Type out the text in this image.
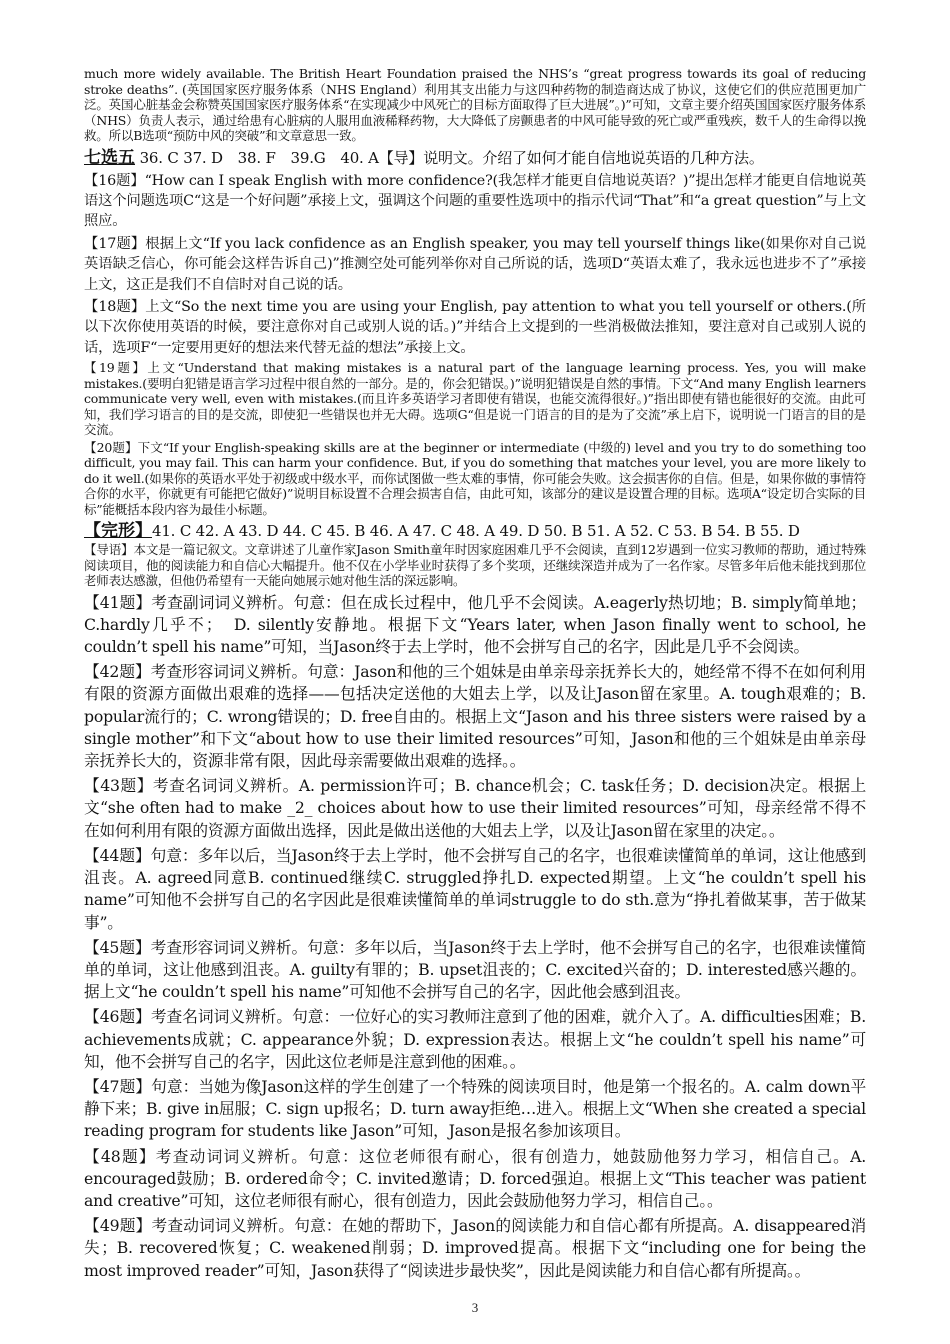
much more widely available. The British Heart Foundation praised the NHS’s “great progress towards its goal of reducing stroke deaths”. (英国国家医疗服务体系（NHS England）利用其支出能力与这四种药物的制造商达成了协议，这使它们的供应范围更加广泛。英国心脏基金会称赞英国国家医疗服务体系“在实现减少中风死亡的目标方面取得了巨大进展”。)”可知，文章主要介绍英国国家医疗服务体系（NHS）负责人表示，通过给患有心脏病的人服用血液稀释药物，大大降低了房颤患者的中风可能导致的死亡或严重残疾，数千人的生命得以挽救。所以B选项“预防中风的突破”和文章意思一致。

七选五 36. C 37. D　38. F　39.G　40. A【导】说明文。介绍了如何才能自信地说英语的几种方法。

【16题】“How can I speak English with more confidence?(我怎样才能更自信地说英语？)”提出怎样才能更自信地说英语这个问题选项C“这是一个好问题”承接上文，强调这个问题的重要性选项中的指示代词“That”和“a great question”与上文照应。

【17题】根据上文“If you lack confidence as an English speaker, you may tell yourself things like(如果你对自己说英语缺乏信心，你可能会这样告诉自己)”推测空处可能列举你对自己所说的话，选项D“英语太难了，我永远也进步不了”承接上文，这正是我们不自信时对自己说的话。

【18题】上文“So the next time you are using your English, pay attention to what you tell yourself or others.(所以下次你使用英语的时候，要注意你对自己或别人说的话。)”并结合上文提到的一些消极做法推知，要注意对自己或别人说的话，选项F“一定要用更好的想法来代替无益的想法”承接上文。

【19题】上文“Understand that making mistakes is a natural part of the language learning process. Yes, you will make mistakes.(要明白犯错是语言学习过程中很自然的一部分。是的，你会犯错误。)”说明犯错误是自然的事情。下文“And many English learners communicate very well, even with mistakes.(而且许多英语学习者即使有错误，也能交流得很好。)”指出即使有错也能很好的交流。由此可知，我们学习语言的目的是交流，即使犯一些错误也并无大碍。选项G“但是说一门语言的目的是为了交流”承上启下，说明说一门语言的目的是交流。

【20题】下文“If your English-speaking skills are at the beginner or intermediate (中级的) level and you try to do something too difficult, you may fail. This can harm your confidence. But, if you do something that matches your level, you are more likely to do it well.(如果你的英语水平处于初级或中级水平，而你试图做一些太难的事情，你可能会失败。这会损害你的自信。但是，如果你做的事情符合你的水平，你就更有可能把它做好)”说明目标设置不合理会损害自信，由此可知，该部分的建议是设置合理的目标。选项A“设定切合实际的目标”能概括本段内容为最佳小标题。

【完形】41. C 42. A 43. D 44. C 45. B 46. A 47. C 48. A 49. D 50. B 51. A 52. C 53. B 54. B 55. D

【导语】本文是一篇记叙文。文章讲述了儿童作家Jason Smith童年时因家庭困难几乎不会阅读，直到12岁遇到一位实习教师的帮助，通过特殊阅读项目，他的阅读能力和自信心大幅提升。他不仅在小学毕业时获得了多个奖项，还继续深造并成为了一名作家。尽管多年后他未能找到那位老师表达感激，但他仍希望有一天能向她展示她对他生活的深远影响。

【41题】考查副词词义辨析。句意：但在成长过程中，他几乎不会阅读。A.eagerly热切地；B. simply简单地；C.hardly几乎不；　D. silently安静地。根据下文“Years later, when Jason finally went to school, he couldn’t spell his name”可知，当Jason终于去上学时，他不会拼写自己的名字，因此是几乎不会阅读。

【42题】考查形容词词义辨析。句意：Jason和他的三个姐妹是由单亲母亲抚养长大的，她经常不得不在如何利用有限的资源方面做出艰难的选择——包括决定送他的大姐去上学，以及让Jason留在家里。A. tough艰难的；B. popular流行的；C. wrong错误的；D. free自由的。根据上文“Jason and his three sisters were raised by a single mother”和下文“about how to use their limited resources”可知，Jason和他的三个姐妹是由单亲母亲抚养长大的，资源非常有限，因此母亲需要做出艰难的选择。。

【43题】考查名词词义辨析。A. permission许可；B. chance机会；C. task任务；D. decision决定。根据上文“she often had to make _2_ choices about how to use their limited resources”可知，母亲经常不得不在如何利用有限的资源方面做出选择，因此是做出送他的大姐去上学，以及让Jason留在家里的决定。。

【44题】句意：多年以后，当Jason终于去上学时，他不会拼写自己的名字，也很难读懂简单的单词，这让他感到沮丧。A. agreed同意B. continued继续C. struggled挣扎D. expected期望。上文“he couldn’t spell his name”可知他不会拼写自己的名字因此是很难读懂简单的单词struggle to do sth.意为“挣扎着做某事，苦于做某事”。

【45题】考查形容词词义辨析。句意：多年以后，当Jason终于去上学时，他不会拼写自己的名字，也很难读懂简单的单词，这让他感到沮丧。A. guilty有罪的；B. upset沮丧的；C. excited兴奋的；D. interested感兴趣的。据上文“he couldn’t spell his name”可知他不会拼写自己的名字，因此他会感到沮丧。

【46题】考查名词词义辨析。句意：一位好心的实习教师注意到了他的困难，就介入了。A. difficulties困难；B. achievements成就；C. appearance外貌；D. expression表达。根据上文“he couldn’t spell his name”可知，他不会拼写自己的名字，因此这位老师是注意到他的困难。。

【47题】句意：当她为像Jason这样的学生创建了一个特殊的阅读项目时，他是第一个报名的。A. calm down平静下来；B. give in屈服；C. sign up报名；D. turn away拒绝…进入。根据上文“When she created a special reading program for students like Jason”可知，Jason是报名参加该项目。

【48题】考查动词词义辨析。句意：这位老师很有耐心，很有创造力，她鼓励他努力学习，相信自己。A. encouraged鼓励；B. ordered命令；C. invited邀请；D. forced强迫。根据上文“This teacher was patient and creative”可知，这位老师很有耐心，很有创造力，因此会鼓励他努力学习，相信自己。。

【49题】考查动词词义辨析。句意：在她的帮助下，Jason的阅读能力和自信心都有所提高。A. disappeared消失；B. recovered恢复；C. weakened削弱；D. improved提高。根据下文“including one for being the most improved reader”可知，Jason获得了“阅读进步最快奖”，因此是阅读能力和自信心都有所提高。。

3
